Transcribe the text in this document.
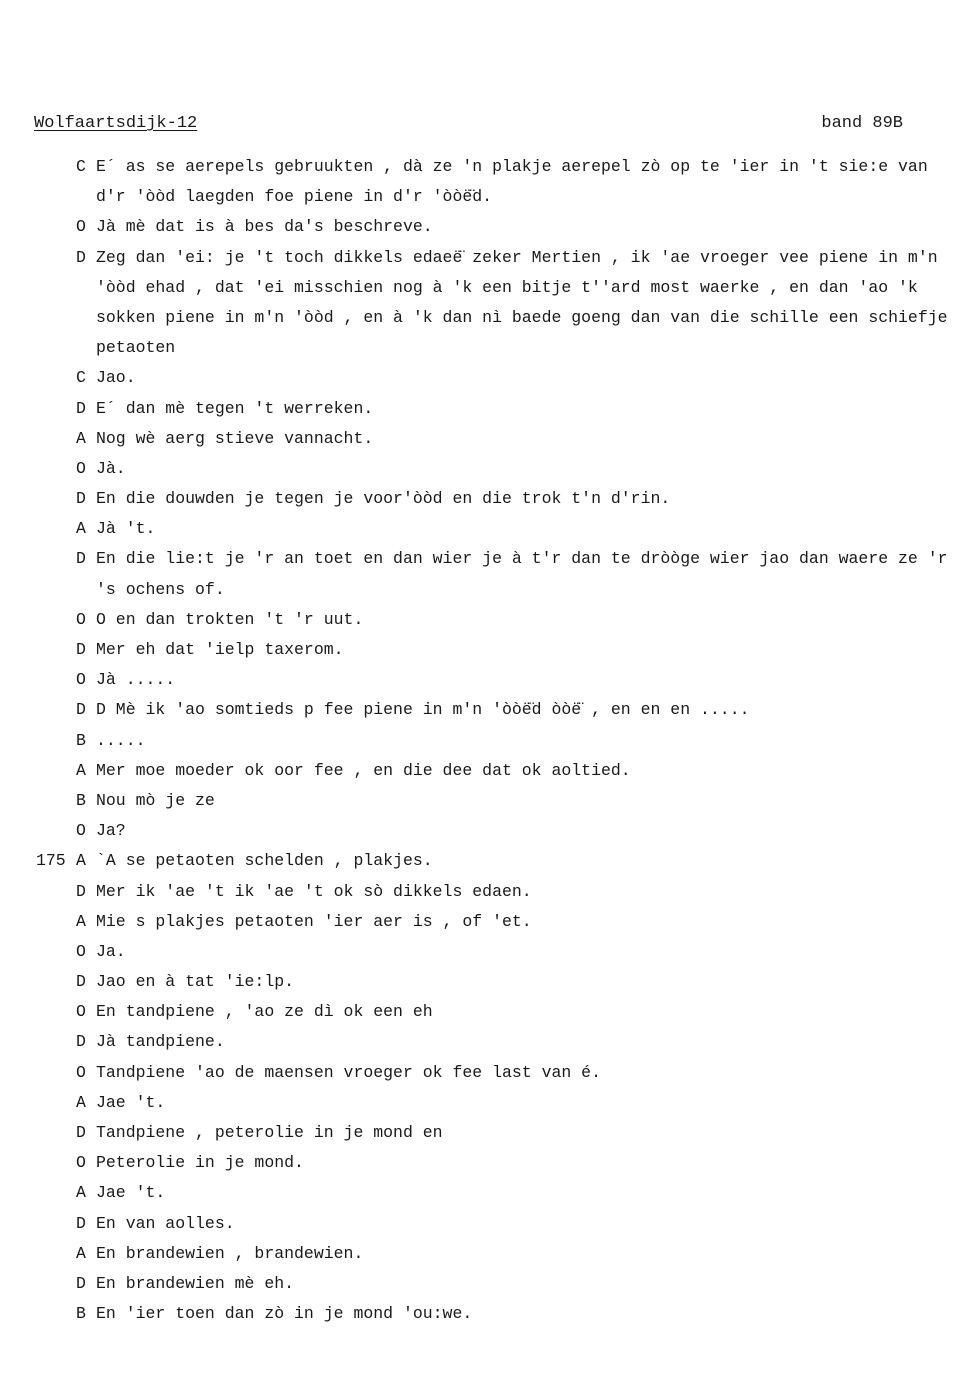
Wolfaartsdijk-12	band 89B
C E´ as se aerepels gebruukten , dà ze 'n plakje aerepel zò op te 'ier in 't sie:e van
d'r 'òòd laegden foe piene in d'r 'òòë̈d.
O Jà mè dat is à bes da's beschreve.
D Zeg dan 'ei: je 't toch dikkels edaeë̈ zeker Mertien , ik 'ae vroeger vee piene in m'n
'òòd ehad , dat 'ei misschien nog à 'k een bitje t''ard most waerke , en dan 'ao 'k
sokken piene in m'n 'òòd , en à 'k dan nì baede goeng dan van die schille een schiefje
petaoten
C Jao.
D E´ dan mè tegen 't werreken.
A Nog wè aerg stieve vannacht.
O Jà.
D En die douwden je tegen je voor'òòd en die trok t'n d'rin.
A Jà 't.
D En die lie:t je 'r an toet en dan wier je à t'r dan te dròòge wier jao dan waere ze 'r
's ochens of.
O O en dan trokten 't 'r uut.
D Mer eh dat 'ielp taxerom.
O Jà .....
D D Mè ik 'ao somtieds p fee piene in m'n 'òòë̈d òòë̈ , en en en .....
B .....
A Mer moe moeder ok oor fee , en die dee dat ok aoltied.
B Nou mò je ze
O Ja?
175 A `A se petaoten schelden , plakjes.
D Mer ik 'ae 't ik 'ae 't ok sò dikkels edaen.
A Mie s plakjes petaoten 'ier aer is , of 'et.
O Ja.
D Jao en à tat 'ie:lp.
O En tandpiene , 'ao ze dì ok een eh
D Jà tandpiene.
O Tandpiene 'ao de maensen vroeger ok fee last van é.
A Jae 't.
D Tandpiene , peterolie in je mond en
O Peterolie in je mond.
A Jae 't.
D En van aolles.
A En brandewien , brandewien.
D En brandewien mè eh.
B En 'ier toen dan zò in je mond 'ou:we.
